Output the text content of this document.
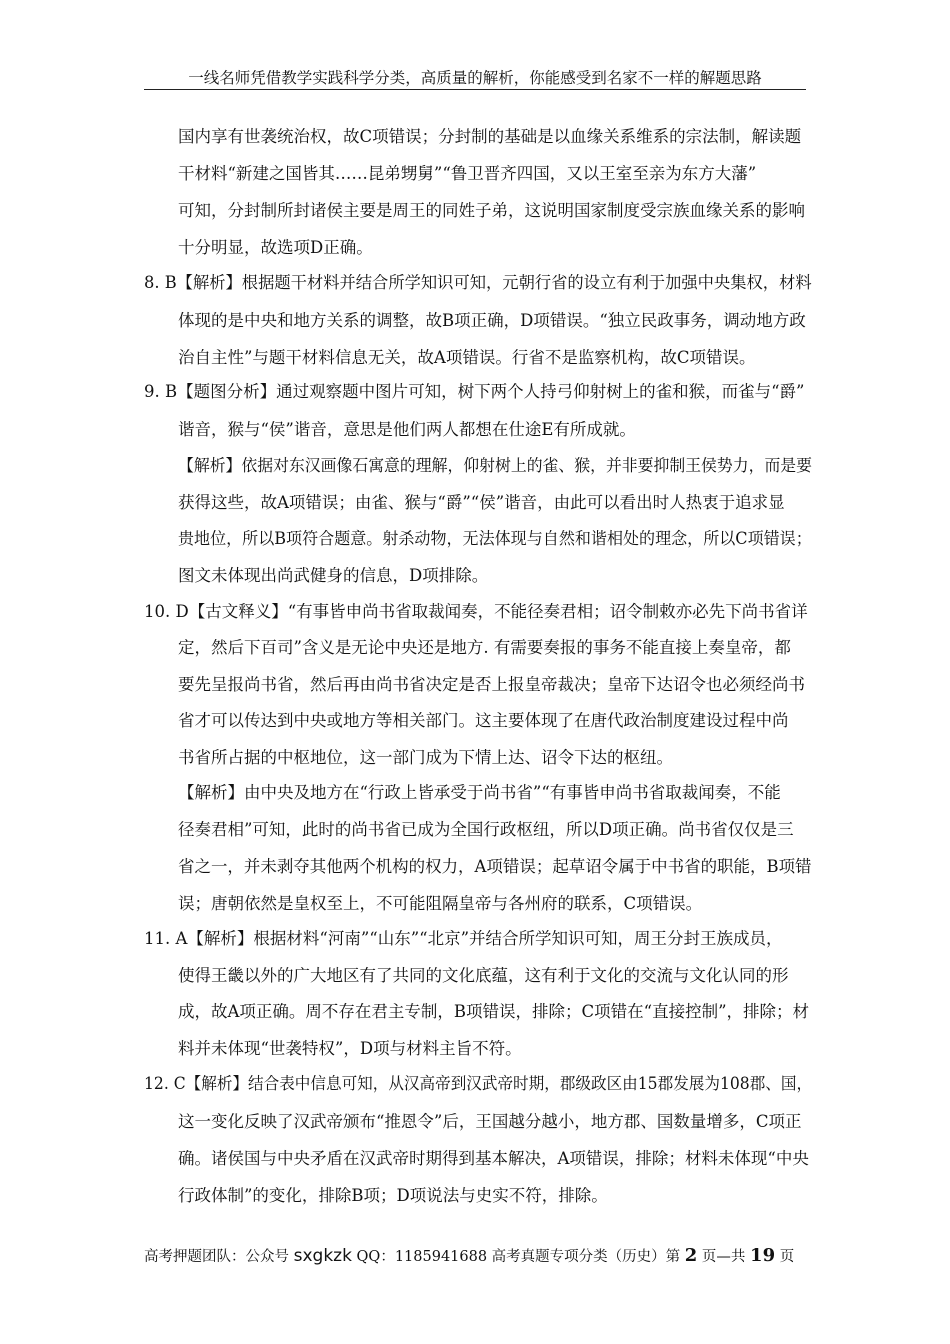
一线名师凭借教学实践科学分类，高质量的解析，你能感受到名家不一样的解题思路
国内享有世袭统治权，故C项错误；分封制的基础是以血缘关系维系的宗法制，解读题
干材料“新建之国皆其……昆弟甥舅”“鲁卫晋齐四国，又以王室至亲为东方大藩”
可知，分封制所封诸侯主要是周王的同姓子弟，这说明国家制度受宗族血缘关系的影响
十分明显，故选项D正确。
8. B【解析】根据题干材料并结合所学知识可知，元朝行省的设立有利于加强中央集权，材料
体现的是中央和地方关系的调整，故B项正确，D项错误。“独立民政事务，调动地方政
治自主性”与题干材料信息无关，故A项错误。行省不是监察机构，故C项错误。
9. B【题图分析】通过观察题中图片可知，树下两个人持弓仰射树上的雀和猴，而雀与“爵”
谐音，猴与“侯”谐音，意思是他们两人都想在仕途E有所成就。
【解析】依据对东汉画像石寓意的理解，仰射树上的雀、猴，并非要抑制王侯势力，而是要
获得这些，故A项错误；由雀、猴与“爵”“侯”谐音，由此可以看出时人热衷于追求显
贵地位，所以B项符合题意。射杀动物，无法体现与自然和谐相处的理念，所以C项错误；
图文未体现出尚武健身的信息，D项排除。
10. D【古文释义】“有事皆申尚书省取裁闻奏，不能径奏君相；诏令制敕亦必先下尚书省详
定，然后下百司”含义是无论中央还是地方. 有需要奏报的事务不能直接上奏皇帝，都
要先呈报尚书省，然后再由尚书省决定是否上报皇帝裁决；皇帝下达诏令也必须经尚书
省才可以传达到中央或地方等相关部门。这主要体现了在唐代政治制度建设过程中尚
书省所占据的中枢地位，这一部门成为下情上达、诏令下达的枢纽。
【解析】由中央及地方在“行政上皆承受于尚书省”“有事皆申尚书省取裁闻奏，不能
径奏君相”可知，此时的尚书省已成为全国行政枢纽，所以D项正确。尚书省仅仅是三
省之一，并未剥夺其他两个机构的权力，A项错误；起草诏令属于中书省的职能，B项错
误；唐朝依然是皇权至上，不可能阻隔皇帝与各州府的联系，C项错误。
11. A【解析】根据材料“河南”“山东”“北京”并结合所学知识可知，周王分封王族成员，
使得王畿以外的广大地区有了共同的文化底蕴，这有利于文化的交流与文化认同的形
成，故A项正确。周不存在君主专制，B项错误，排除；C项错在“直接控制”，排除；材
料并未体现“世袭特权”，D项与材料主旨不符。
12. C【解析】结合表中信息可知，从汉高帝到汉武帝时期，郡级政区由15郡发展为108郡、国，
这一变化反映了汉武帝颁布“推恩令”后，王国越分越小，地方郡、国数量增多，C项正
确。诸侯国与中央矛盾在汉武帝时期得到基本解决，A项错误，排除；材料未体现“中央
行政体制”的变化，排除B项；D项说法与史实不符，排除。
高考押题团队：公众号 sxgkzk QQ：1185941688 高考真题专项分类（历史）第 2 页—共 19 页
